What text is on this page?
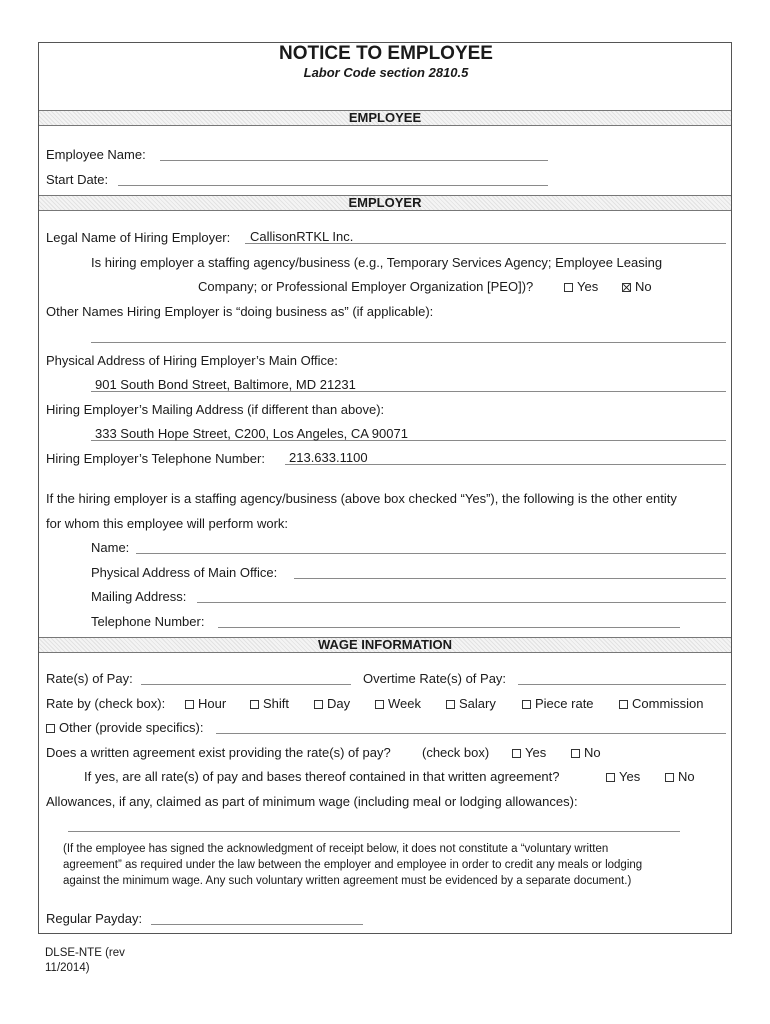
NOTICE TO EMPLOYEE
Labor Code section 2810.5
EMPLOYEE
EMPLOYER
WAGE INFORMATION
Employee Name:
Start Date:
Legal Name of Hiring Employer: CallisonRTKL Inc.
Is hiring employer a staffing agency/business (e.g., Temporary Services Agency; Employee Leasing
Company; or Professional Employer Organization [PEO])?	Yes	No
Other Names Hiring Employer is “doing business as” (if applicable):
Physical Address of Hiring Employer’s Main Office:
901 South Bond Street, Baltimore, MD 21231
Hiring Employer’s Mailing Address (if different than above):
333 South Hope Street, C200, Los Angeles, CA 90071
Hiring Employer’s Telephone Number: 213.633.1100
If the hiring employer is a staffing agency/business (above box checked “Yes”), the following is the other entity
for whom this employee will perform work:
Name:
Physical Address of Main Office:
Mailing Address:
Telephone Number:
Rate(s) of Pay:	Overtime Rate(s) of Pay:
Rate by (check box):	Hour	Shift	Day	Week	Salary	Piece rate	Commission
Other (provide specifics):
Does a written agreement exist providing the rate(s) of pay? (check box)	Yes	No
If yes, are all rate(s) of pay and bases thereof contained in that written agreement?	Yes	No
Allowances, if any, claimed as part of minimum wage (including meal or lodging allowances):
(If the employee has signed the acknowledgment of receipt below, it does not constitute a “voluntary written
agreement” as required under the law between the employer and employee in order to credit any meals or lodging
against the minimum wage. Any such voluntary written agreement must be evidenced by a separate document.)
Regular Payday:
DLSE-NTE (rev
11/2014)
